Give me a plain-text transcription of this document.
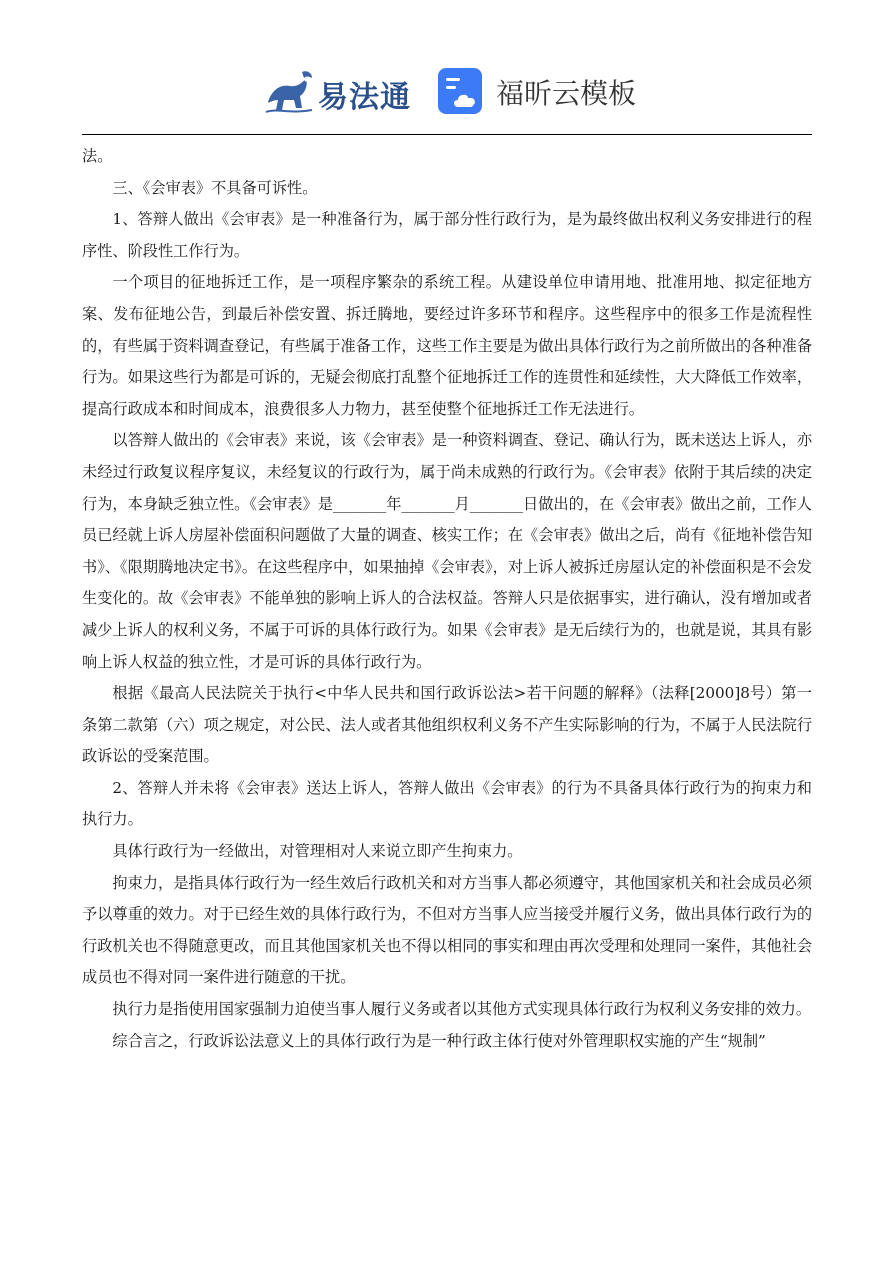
易法通	福昕云模板

法。

三、《会审表》不具备可诉性。

1、答辩人做出《会审表》是一种准备行为，属于部分性行政行为，是为最终做出权利义务安排进行的程序性、阶段性工作行为。

一个项目的征地拆迁工作，是一项程序繁杂的系统工程。从建设单位申请用地、批准用地、拟定征地方案、发布征地公告，到最后补偿安置、拆迁腾地，要经过许多环节和程序。这些程序中的很多工作是流程性的，有些属于资料调查登记，有些属于准备工作，这些工作主要是为做出具体行政行为之前所做出的各种准备行为。如果这些行为都是可诉的，无疑会彻底打乱整个征地拆迁工作的连贯性和延续性，大大降低工作效率，提高行政成本和时间成本，浪费很多人力物力，甚至使整个征地拆迁工作无法进行。

以答辩人做出的《会审表》来说，该《会审表》是一种资料调查、登记、确认行为，既未送达上诉人，亦未经过行政复议程序复议，未经复议的行政行为，属于尚未成熟的行政行为。《会审表》依附于其后续的决定行为，本身缺乏独立性。《会审表》是_______年_______月_______日做出的，在《会审表》做出之前，工作人员已经就上诉人房屋补偿面积问题做了大量的调查、核实工作；在《会审表》做出之后，尚有《征地补偿告知书》、《限期腾地决定书》。在这些程序中，如果抽掉《会审表》，对上诉人被拆迁房屋认定的补偿面积是不会发生变化的。故《会审表》不能单独的影响上诉人的合法权益。答辩人只是依据事实，进行确认，没有增加或者减少上诉人的权利义务，不属于可诉的具体行政行为。如果《会审表》是无后续行为的，也就是说，其具有影响上诉人权益的独立性，才是可诉的具体行政行为。

根据《最高人民法院关于执行<中华人民共和国行政诉讼法>若干问题的解释》（法释[2000]8号）第一条第二款第（六）项之规定，对公民、法人或者其他组织权利义务不产生实际影响的行为，不属于人民法院行政诉讼的受案范围。

2、答辩人并未将《会审表》送达上诉人，答辩人做出《会审表》的行为不具备具体行政行为的拘束力和执行力。

具体行政行为一经做出，对管理相对人来说立即产生拘束力。

拘束力，是指具体行政行为一经生效后行政机关和对方当事人都必须遵守，其他国家机关和社会成员必须予以尊重的效力。对于已经生效的具体行政行为，不但对方当事人应当接受并履行义务，做出具体行政行为的行政机关也不得随意更改，而且其他国家机关也不得以相同的事实和理由再次受理和处理同一案件，其他社会成员也不得对同一案件进行随意的干扰。

执行力是指使用国家强制力迫使当事人履行义务或者以其他方式实现具体行政行为权利义务安排的效力。

综合言之，行政诉讼法意义上的具体行政行为是一种行政主体行使对外管理职权实施的产生“规制”
